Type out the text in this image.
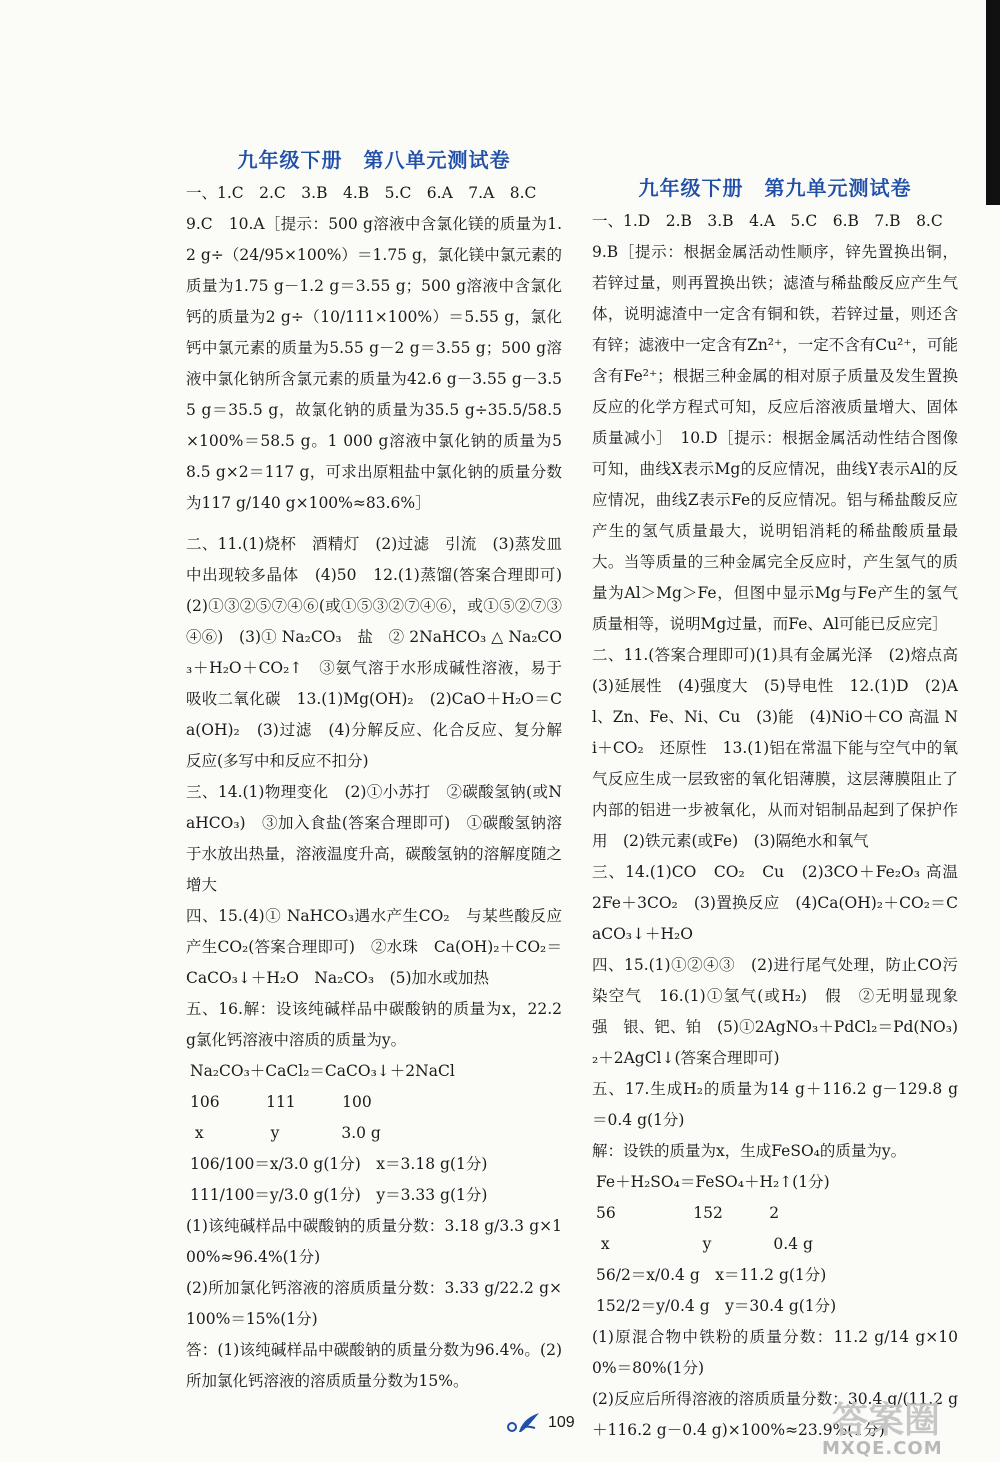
九年级下册　第八单元测试卷

一、1.C　2.C　3.B　4.B　5.C　6.A　7.A　8.C

9.C　10.A［提示：500 g溶液中含氯化镁的质量为1.2 g÷（24/95×100%）＝1.75 g，氯化镁中氯元素的质量为1.75 g－1.2 g＝3.55 g；500 g溶液中含氯化钙的质量为2 g÷（10/111×100%）＝5.55 g，氯化钙中氯元素的质量为5.55 g－2 g＝3.55 g；500 g溶液中氯化钠所含氯元素的质量为42.6 g－3.55 g－3.55 g＝35.5 g，故氯化钠的质量为35.5 g÷35.5/58.5×100%＝58.5 g。1 000 g溶液中氯化钠的质量为58.5 g×2＝117 g，可求出原粗盐中氯化钠的质量分数为117 g/140 g×100%≈83.6%］

二、11.(1)烧杯　酒精灯　(2)过滤　引流　(3)蒸发皿中出现较多晶体　(4)50　12.(1)蒸馏(答案合理即可)　(2)①③②⑤⑦④⑥(或①⑤③②⑦④⑥，或①⑤②⑦③④⑥)　(3)① Na₂CO₃　盐　② 2NaHCO₃ △ Na₂CO₃＋H₂O＋CO₂↑　③氨气溶于水形成碱性溶液，易于吸收二氧化碳　13.(1)Mg(OH)₂　(2)CaO＋H₂O＝Ca(OH)₂　(3)过滤　(4)分解反应、化合反应、复分解反应(多写中和反应不扣分)

三、14.(1)物理变化　(2)①小苏打　②碳酸氢钠(或NaHCO₃)　③加入食盐(答案合理即可)　①碳酸氢钠溶于水放出热量，溶液温度升高，碳酸氢钠的溶解度随之增大

四、15.(4)① NaHCO₃遇水产生CO₂　与某些酸反应产生CO₂(答案合理即可)　②水珠　Ca(OH)₂＋CO₂＝CaCO₃↓＋H₂O　Na₂CO₃　(5)加水或加热

五、16.解：设该纯碱样品中碳酸钠的质量为x，22.2 g氯化钙溶液中溶质的质量为y。

Na₂CO₃＋CaCl₂＝CaCO₃↓＋2NaCl

106　　　111　　　100

x　　　　 y　　　　3.0 g

106/100＝x/3.0 g(1分)　x＝3.18 g(1分)

111/100＝y/3.0 g(1分)　y＝3.33 g(1分)

(1)该纯碱样品中碳酸钠的质量分数：3.18 g/3.3 g×100%≈96.4%(1分)

(2)所加氯化钙溶液的溶质质量分数：3.33 g/22.2 g×100%＝15%(1分)

答：(1)该纯碱样品中碳酸钠的质量分数为96.4%。(2)所加氯化钙溶液的溶质质量分数为15%。

九年级下册　第九单元测试卷

一、1.D　2.B　3.B　4.A　5.C　6.B　7.B　8.C

9.B［提示：根据金属活动性顺序，锌先置换出铜，若锌过量，则再置换出铁；滤渣与稀盐酸反应产生气体，说明滤渣中一定含有铜和铁，若锌过量，则还含有锌；滤液中一定含有Zn²⁺，一定不含有Cu²⁺，可能含有Fe²⁺；根据三种金属的相对原子质量及发生置换反应的化学方程式可知，反应后溶液质量增大、固体质量减小］　10.D［提示：根据金属活动性结合图像可知，曲线X表示Mg的反应情况，曲线Y表示Al的反应情况，曲线Z表示Fe的反应情况。铝与稀盐酸反应产生的氢气质量最大，说明铝消耗的稀盐酸质量最大。当等质量的三种金属完全反应时，产生氢气的质量为Al＞Mg＞Fe，但图中显示Mg与Fe产生的氢气质量相等，说明Mg过量，而Fe、Al可能已反应完］

二、11.(答案合理即可)(1)具有金属光泽　(2)熔点高　(3)延展性　(4)强度大　(5)导电性　12.(1)D　(2)Al、Zn、Fe、Ni、Cu　(3)能　(4)NiO＋CO 高温 Ni＋CO₂　还原性　13.(1)铝在常温下能与空气中的氧气反应生成一层致密的氧化铝薄膜，这层薄膜阻止了内部的铝进一步被氧化，从而对铝制品起到了保护作用　(2)铁元素(或Fe)　(3)隔绝水和氧气

三、14.(1)CO　CO₂　Cu　(2)3CO＋Fe₂O₃ 高温 2Fe＋3CO₂　(3)置换反应　(4)Ca(OH)₂＋CO₂＝CaCO₃↓＋H₂O

四、15.(1)①②④③　(2)进行尾气处理，防止CO污染空气　16.(1)①氢气(或H₂)　假　②无明显现象　强　银、钯、铂　(5)①2AgNO₃＋PdCl₂＝Pd(NO₃)₂＋2AgCl↓(答案合理即可)

五、17.生成H₂的质量为14 g＋116.2 g－129.8 g＝0.4 g(1分)

解：设铁的质量为x，生成FeSO₄的质量为y。

Fe＋H₂SO₄＝FeSO₄＋H₂↑(1分)

56　　　　　152　　　2

x　　　　　　y　　　　0.4 g

56/2＝x/0.4 g　x＝11.2 g(1分)

152/2＝y/0.4 g　y＝30.4 g(1分)

(1)原混合物中铁粉的质量分数：11.2 g/14 g×100%＝80%(1分)

(2)反应后所得溶液的溶质质量分数：30.4 g/(11.2 g＋116.2 g－0.4 g)×100%≈23.9%(1分)

109	答案圈
MXQE.COM
